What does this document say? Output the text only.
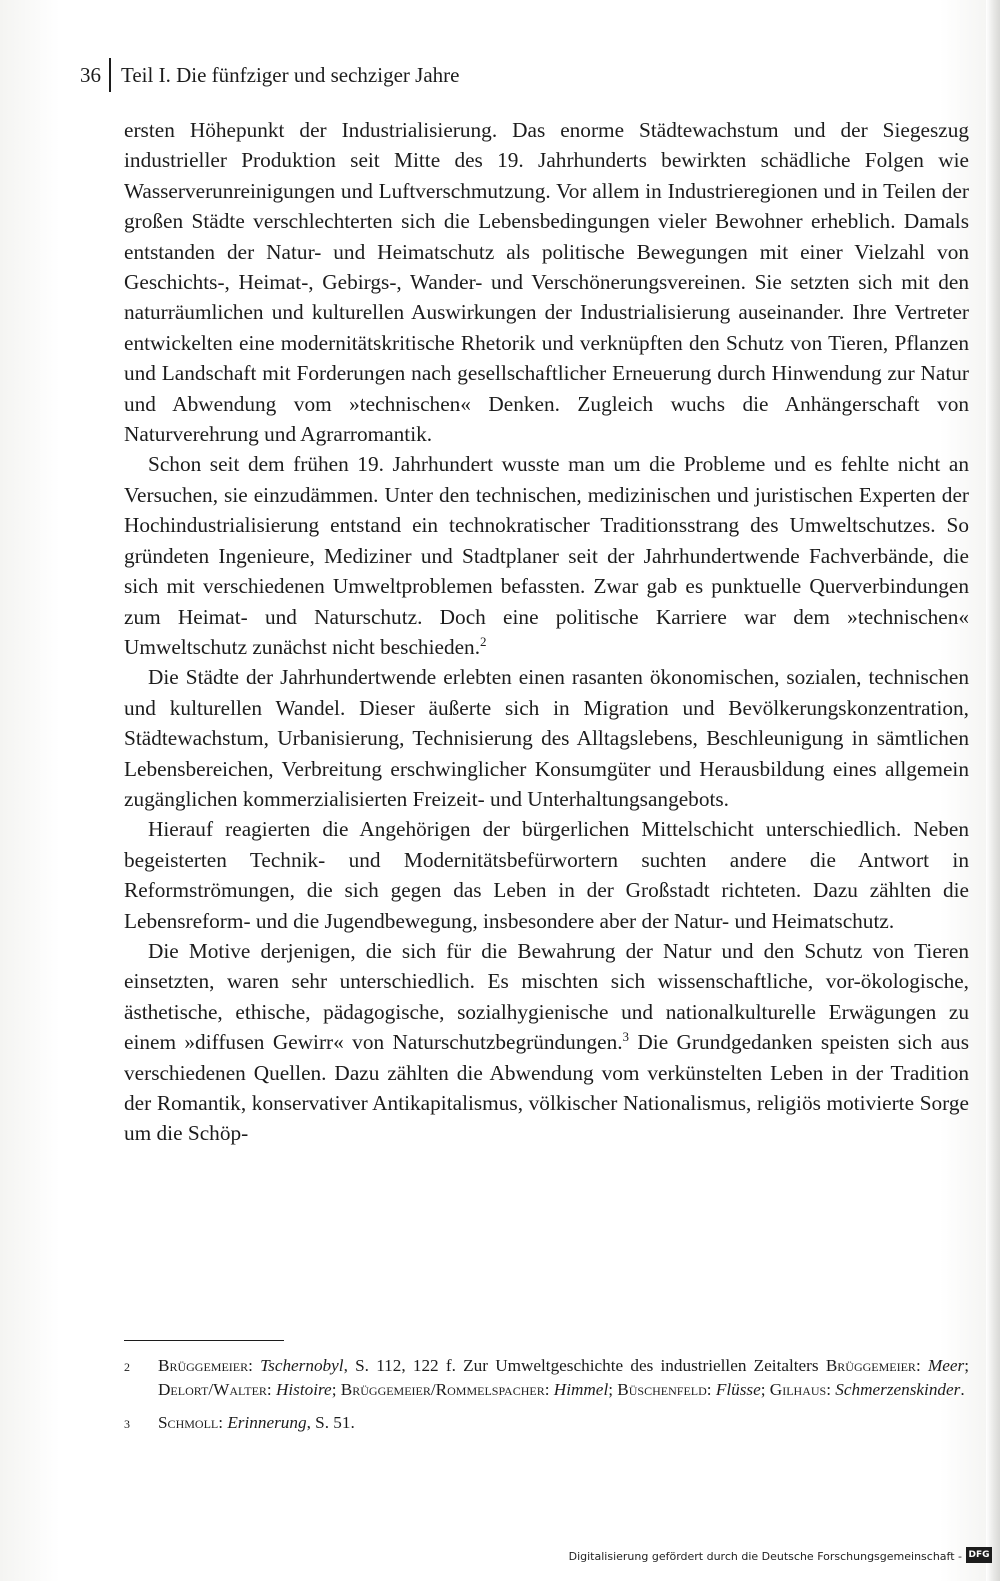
36 Teil I. Die fünfziger und sechziger Jahre

ersten Höhepunkt der Industrialisierung. Das enorme Städtewachstum und der Siegeszug industrieller Produktion seit Mitte des 19. Jahrhunderts bewirkten schädliche Folgen wie Wasserverunreinigungen und Luftverschmutzung. Vor allem in Industrieregionen und in Teilen der großen Städte verschlechterten sich die Lebensbedingungen vieler Bewohner erheblich. Damals entstanden der Natur- und Heimatschutz als politische Bewegungen mit einer Vielzahl von Geschichts-, Heimat-, Gebirgs-, Wander- und Verschönerungsvereinen. Sie setzten sich mit den naturräumlichen und kulturellen Auswirkungen der Industrialisierung auseinander. Ihre Vertreter entwickelten eine modernitätskritische Rhetorik und verknüpften den Schutz von Tieren, Pflanzen und Landschaft mit Forderungen nach gesellschaftlicher Erneuerung durch Hinwendung zur Natur und Abwendung vom »technischen« Denken. Zugleich wuchs die Anhängerschaft von Naturverehrung und Agrarromantik.

Schon seit dem frühen 19. Jahrhundert wusste man um die Probleme und es fehlte nicht an Versuchen, sie einzudämmen. Unter den technischen, medizinischen und juristischen Experten der Hochindustrialisierung entstand ein technokratischer Traditionsstrang des Umweltschutzes. So gründeten Ingenieure, Mediziner und Stadtplaner seit der Jahrhundertwende Fachverbände, die sich mit verschiedenen Umweltproblemen befassten. Zwar gab es punktuelle Querverbindungen zum Heimat- und Naturschutz. Doch eine politische Karriere war dem »technischen« Umweltschutz zunächst nicht beschieden.$^2$

Die Städte der Jahrhundertwende erlebten einen rasanten ökonomischen, sozialen, technischen und kulturellen Wandel. Dieser äußerte sich in Migration und Bevölkerungskonzentration, Städtewachstum, Urbanisierung, Technisierung des Alltagslebens, Beschleunigung in sämtlichen Lebensbereichen, Verbreitung erschwinglicher Konsumgüter und Herausbildung eines allgemein zugänglichen kommerzialisierten Freizeit- und Unterhaltungsangebots.

Hierauf reagierten die Angehörigen der bürgerlichen Mittelschicht unterschiedlich. Neben begeisterten Technik- und Modernitätsbefürwortern suchten andere die Antwort in Reformströmungen, die sich gegen das Leben in der Großstadt richteten. Dazu zählten die Lebensreform- und die Jugendbewegung, insbesondere aber der Natur- und Heimatschutz.

Die Motive derjenigen, die sich für die Bewahrung der Natur und den Schutz von Tieren einsetzten, waren sehr unterschiedlich. Es mischten sich wissenschaftliche, vor-ökologische, ästhetische, ethische, pädagogische, sozialhygienische und nationalkulturelle Erwägungen zu einem »diffusen Gewirr« von Naturschutzbegründungen.$^3$ Die Grundgedanken speisten sich aus verschiedenen Quellen. Dazu zählten die Abwendung vom verkünstelten Leben in der Tradition der Romantik, konservativer Antikapitalismus, völkischer Nationalismus, religiös motivierte Sorge um die Schöp-

2	Brüggemeier: Tschernobyl, S. 112, 122 f. Zur Umweltgeschichte des industriellen Zeitalters Brüggemeier: Meer; Delort/Walter: Histoire; Brüggemeier/Rommelspacher: Himmel; Büschenfeld: Flüsse; Gilhaus: Schmerzenskinder.
3	Schmoll: Erinnerung, S. 51.
Digitalisierung gefördert durch die Deutsche Forschungsgemeinschaft - DFG
